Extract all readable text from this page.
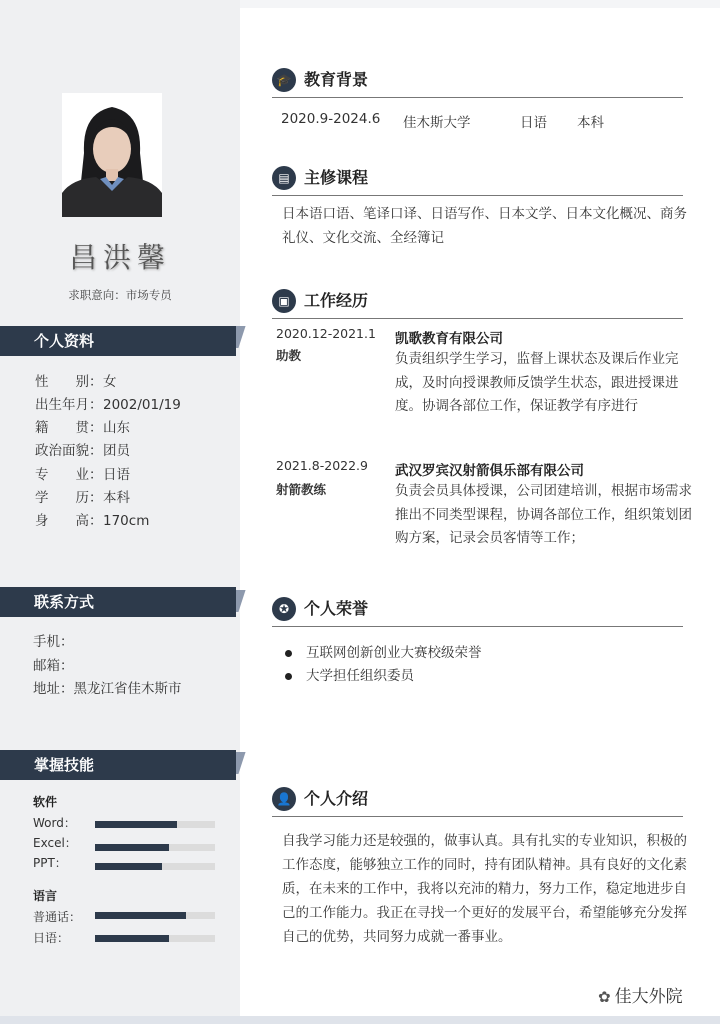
昌洪馨
求职意向：市场专员
个人资料
性　　别：女
出生年月：2002/01/19
籍　　贯：山东
政治面貌：团员
专　　业：日语
学　　历：本科
身　　高：170cm
联系方式
手机：
邮箱：
地址：黑龙江省佳木斯市
掌握技能
软件
Word：
Excel：
PPT：
语言
普通话：
日语：
🎓 教育背景
2020.9-2024.6 佳木斯大学	日语 本科
▤ 主修课程
日本语口语、笔译口译、日语写作、日本文学、日本文化概况、商务礼仪、文化交流、全经簿记
▣ 工作经历
2020.12-2021.1
助教
凯歌教育有限公司
负责组织学生学习，监督上课状态及课后作业完成，及时向授课教师反馈学生状态，跟进授课进度。协调各部位工作，保证教学有序进行
2021.8-2022.9
射箭教练
武汉罗宾汉射箭俱乐部有限公司
负责会员具体授课，公司团建培训，根据市场需求推出不同类型课程，协调各部位工作，组织策划团购方案，记录会员客情等工作；
✪ 个人荣誉
互联网创新创业大赛校级荣誉
大学担任组织委员
👤 个人介绍
自我学习能力还是较强的，做事认真。具有扎实的专业知识，积极的工作态度，能够独立工作的同时，持有团队精神。具有良好的文化素质，在未来的工作中，我将以充沛的精力，努力工作，稳定地进步自己的工作能力。我正在寻找一个更好的发展平台，希望能够充分发挥自己的优势，共同努力成就一番事业。
✿ 佳大外院
